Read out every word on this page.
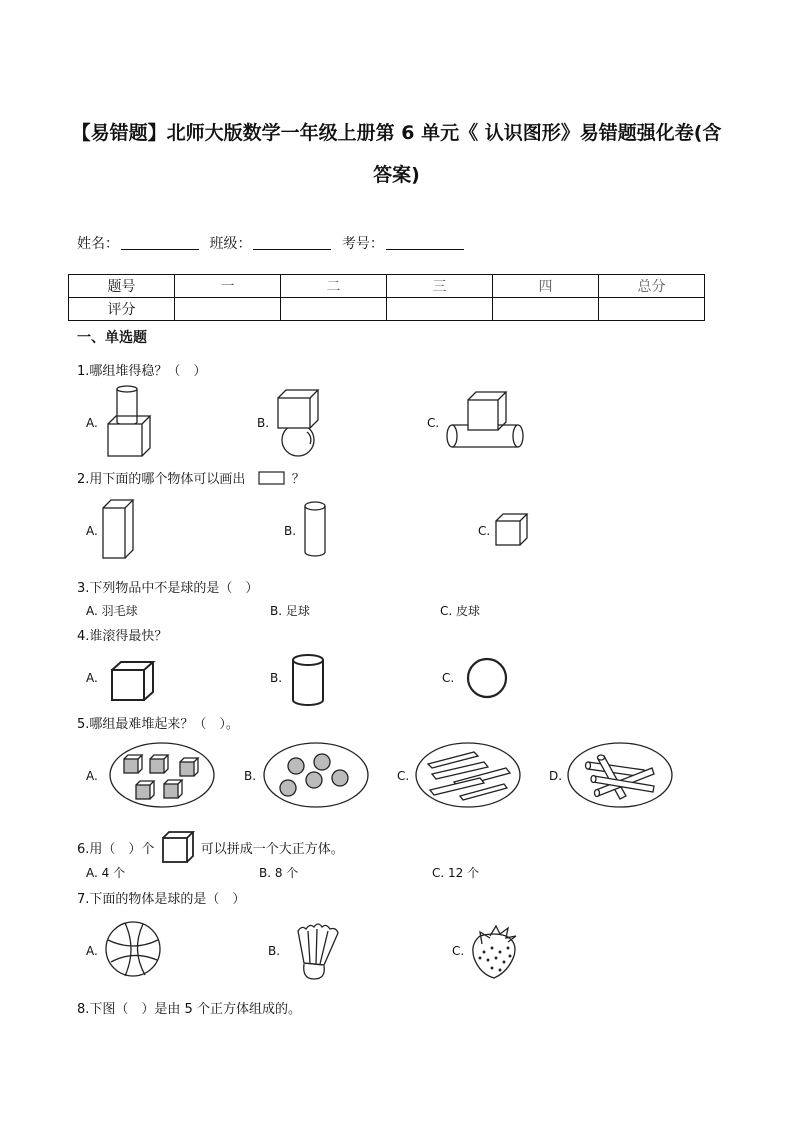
【易错题】北师大版数学一年级上册第 6 单元《 认识图形》易错题强化卷(含
答案)
姓名：	班级：	考号：
题号	一	二	三	四	总分
评分					
一、单选题
1.哪组堆得稳？（　）
A.	B.	C.
2.用下面的哪个物体可以画出	？
A.	B.	C.
3.下列物品中不是球的是（　）
A. 羽毛球	B. 足球	C. 皮球
4.谁滚得最快？
A.	B.	C.
5.哪组最难堆起来？（　）。
A.	B.	C.	D.
6.用（　）个	可以拼成一个大正方体。
A. 4 个	B. 8 个	C. 12 个
7.下面的物体是球的是（　）
A.	B.	C.
8.下图（　）是由 5 个正方体组成的。
